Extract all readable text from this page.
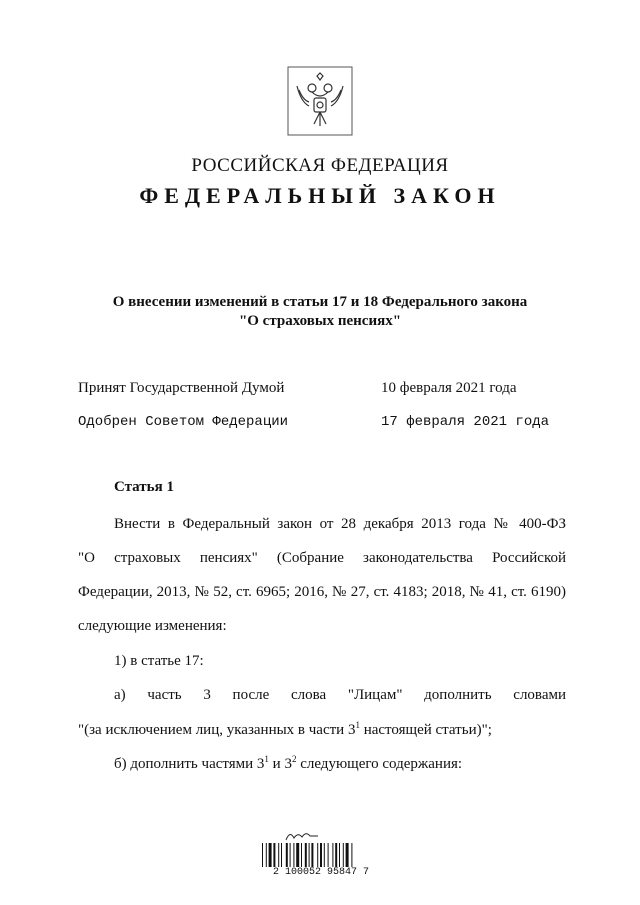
РОССИЙСКАЯ ФЕДЕРАЦИЯ
ФЕДЕРАЛЬНЫЙ ЗАКОН
О внесении изменений в статьи 17 и 18 Федерального закона
"О страховых пенсиях"
Принят Государственной Думой	10 февраля 2021 года
Одобрен Советом Федерации	17 февраля 2021 года
Статья 1
Внести в Федеральный закон от 28 декабря 2013 года № 400-ФЗ
"О страховых пенсиях" (Собрание законодательства Российской
Федерации, 2013, № 52, ст. 6965; 2016, № 27, ст. 4183; 2018, № 41, ст. 6190)
следующие изменения:
1) в статье 17:
а) часть 3 после слова "Лицам" дополнить словами
"(за исключением лиц, указанных в части $3^1$ настоящей статьи)";
б) дополнить частями $3^1$ и $3^2$ следующего содержания:
2 100052 95847 7
